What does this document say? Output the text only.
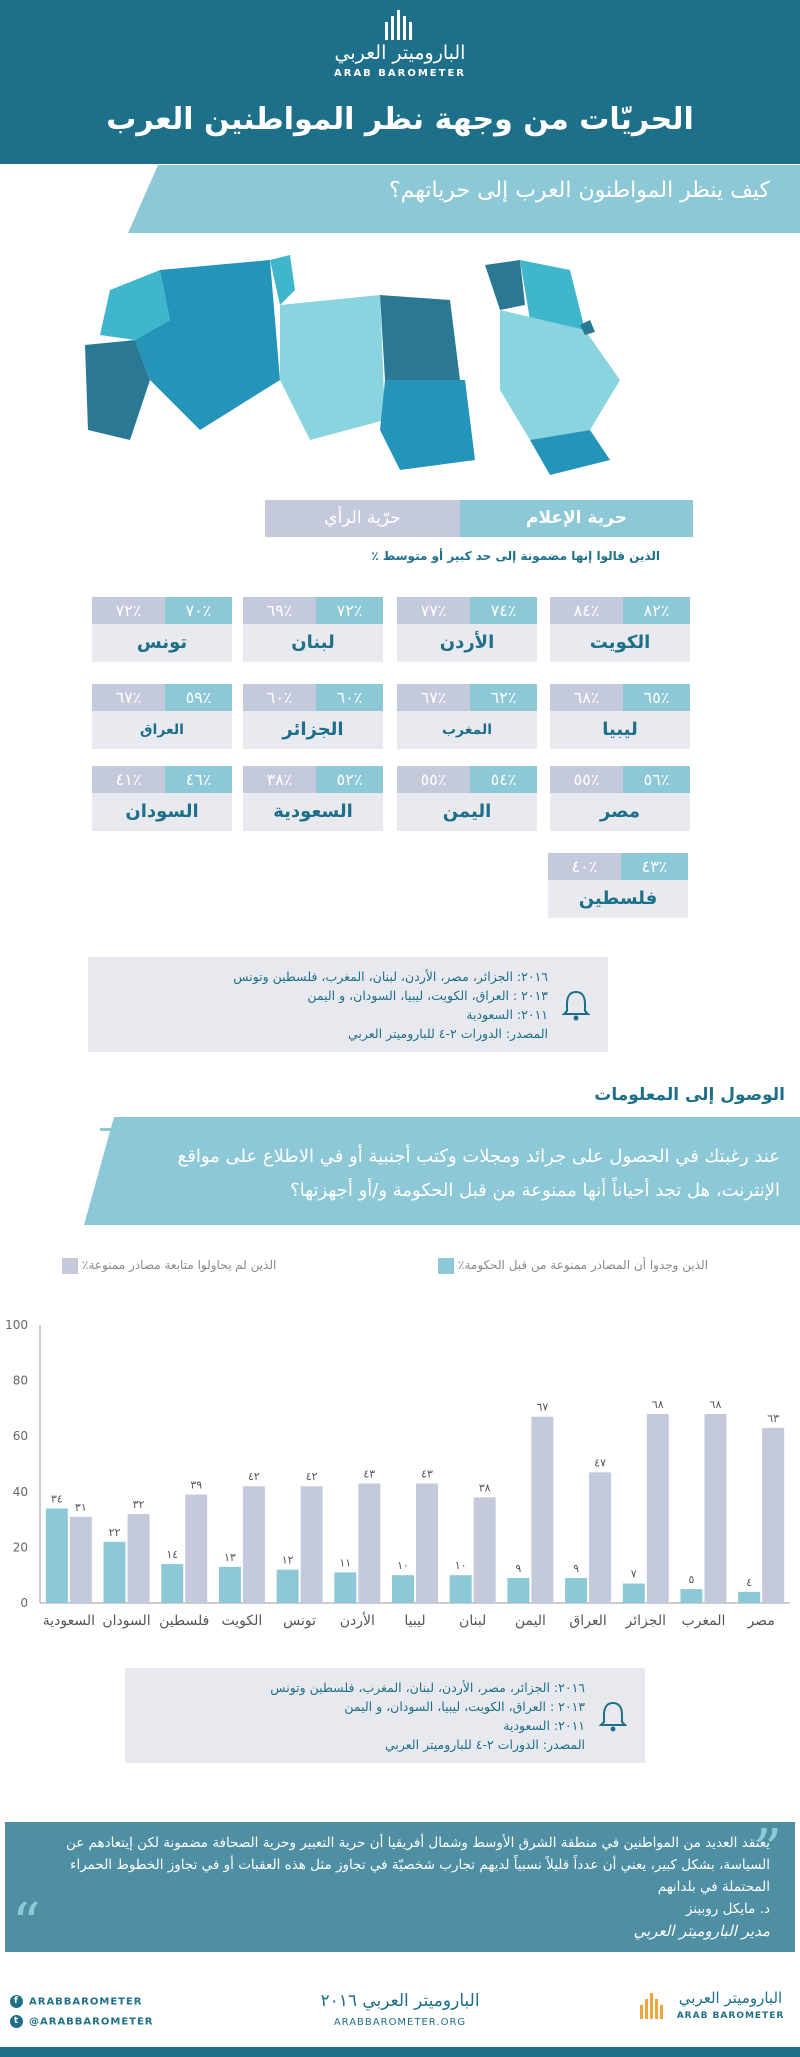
الباروميتر العربي
ARAB BAROMETER
الحريّات من وجهة نظر المواطنين العرب
كيف ينظر المواطنون العرب إلى حرياتهم؟
حرّية الرأي	حرية الإعلام
٪ الذين قالوا إنها مضمونة إلى حد كبير أو متوسط
٨٤٪	٨٢٪
الكويت
٧٧٪	٧٤٪
الأردن
٦٩٪	٧٢٪
لبنان
٧٢٪	٧٠٪
تونس
٦٨٪	٦٥٪
ليبيا
٦٧٪	٦٢٪
المغرب
٦٠٪	٦٠٪
الجزائر
٦٧٪	٥٩٪
العراق
٥٥٪	٥٦٪
مصر
٥٥٪	٥٤٪
اليمن
٣٨٪	٥٢٪
السعودية
٤١٪	٤٦٪
السودان
٤٠٪	٤٣٪
فلسطين
٢٠١٦: الجزائر، مصر، الأردن، لبنان، المغرب، فلسطين وتونس
٢٠١٣ : العراق، الكويت، ليبيا، السودان، و اليمن
٢٠١١: السعودية
المصدر: الدورات ٢-٤ للباروميتر العربي
الوصول إلى المعلومات
عند رغبتك في الحصول على جرائد ومجلات وكتب أجنبية أو في الاطلاع على مواقع الإنترنت، هل تجد أحياناً أنها ممنوعة من قبل الحكومة و/أو أجهزتها؟
٪الذين وجدوا أن المصادر ممنوعة من قبل الحكومة
٪الذين لم يحاولوا متابعة مصادر ممنوعة
0
20
40
60
80
100
٤
٦٣
مصر
٥
٦٨
المغرب
٧
٦٨
الجزائر
٩
٤٧
العراق
٩
٦٧
اليمن
١٠
٣٨
لبنان
١٠
٤٣
ليبيا
١١
٤٣
الأردن
١٢
٤٢
تونس
١٣
٤٢
الكويت
١٤
٣٩
فلسطين
٢٢
٣٢
السودان
٣٤
٣١
السعودية
٢٠١٦: الجزائر، مصر، الأردن، لبنان، المغرب، فلسطين وتونس
٢٠١٣ : العراق، الكويت، ليبيا، السودان، و اليمن
٢٠١١: السعودية
المصدر: الدورات ٢-٤ للباروميتر العربي
”
“
يعتقد العديد من المواطنين في منطقة الشرق الأوسط وشمال أفريقيا أن حرية التعبير وحرية الصحافة مضمونة لكن إيتعادهم عن السياسة، بشكل كبير، يعني أن عدداً قليلاً نسبياً لديهم تجارب شخصيّة في تجاوز مثل هذه العقبات أو في تجاوز الخطوط الحمراء المحتملة في بلدانهم
د. مايكل روبينز
مدير الباروميتر العربي
f ARABBAROMETER
t @ARABBAROMETER
الباروميتر العربي ٢٠١٦
ARABBAROMETER.ORG
الباروميتر العربي
ARAB BAROMETER
